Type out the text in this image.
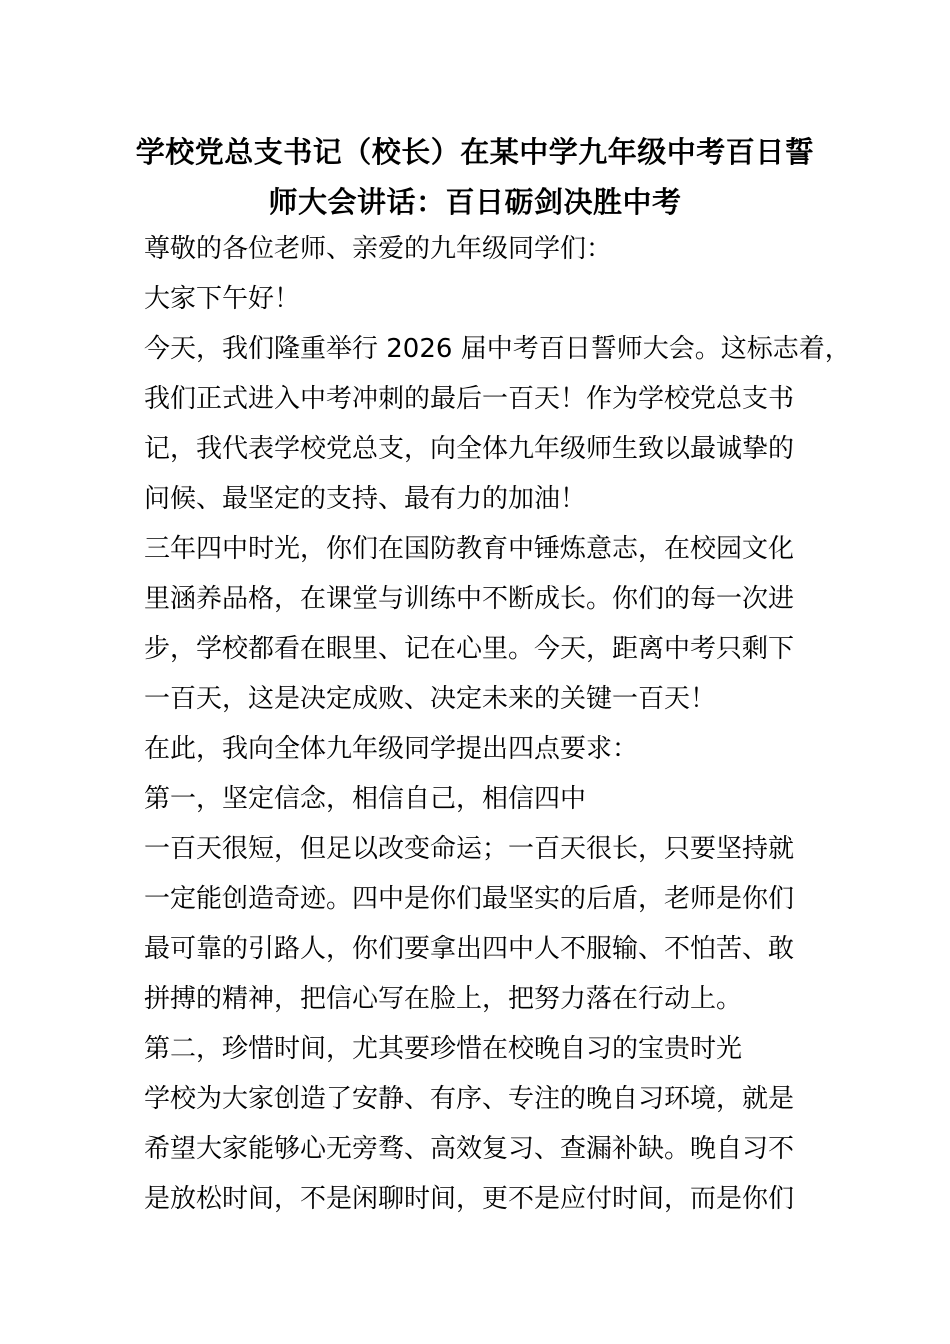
学校党总支书记（校长）在某中学九年级中考百日誓
师大会讲话：百日砺剑决胜中考
尊敬的各位老师、亲爱的九年级同学们：
大家下午好！
今天，我们隆重举行 2026 届中考百日誓师大会。这标志着，
我们正式进入中考冲刺的最后一百天！作为学校党总支书
记，我代表学校党总支，向全体九年级师生致以最诚挚的
问候、最坚定的支持、最有力的加油！
三年四中时光，你们在国防教育中锤炼意志，在校园文化
里涵养品格，在课堂与训练中不断成长。你们的每一次进
步，学校都看在眼里、记在心里。今天，距离中考只剩下
一百天，这是决定成败、决定未来的关键一百天！
在此，我向全体九年级同学提出四点要求：
第一，坚定信念，相信自己，相信四中
一百天很短，但足以改变命运；一百天很长，只要坚持就
一定能创造奇迹。四中是你们最坚实的后盾，老师是你们
最可靠的引路人，你们要拿出四中人不服输、不怕苦、敢
拼搏的精神，把信心写在脸上，把努力落在行动上。
第二，珍惜时间，尤其要珍惜在校晚自习的宝贵时光
学校为大家创造了安静、有序、专注的晚自习环境，就是
希望大家能够心无旁骛、高效复习、查漏补缺。晚自习不
是放松时间，不是闲聊时间，更不是应付时间，而是你们
